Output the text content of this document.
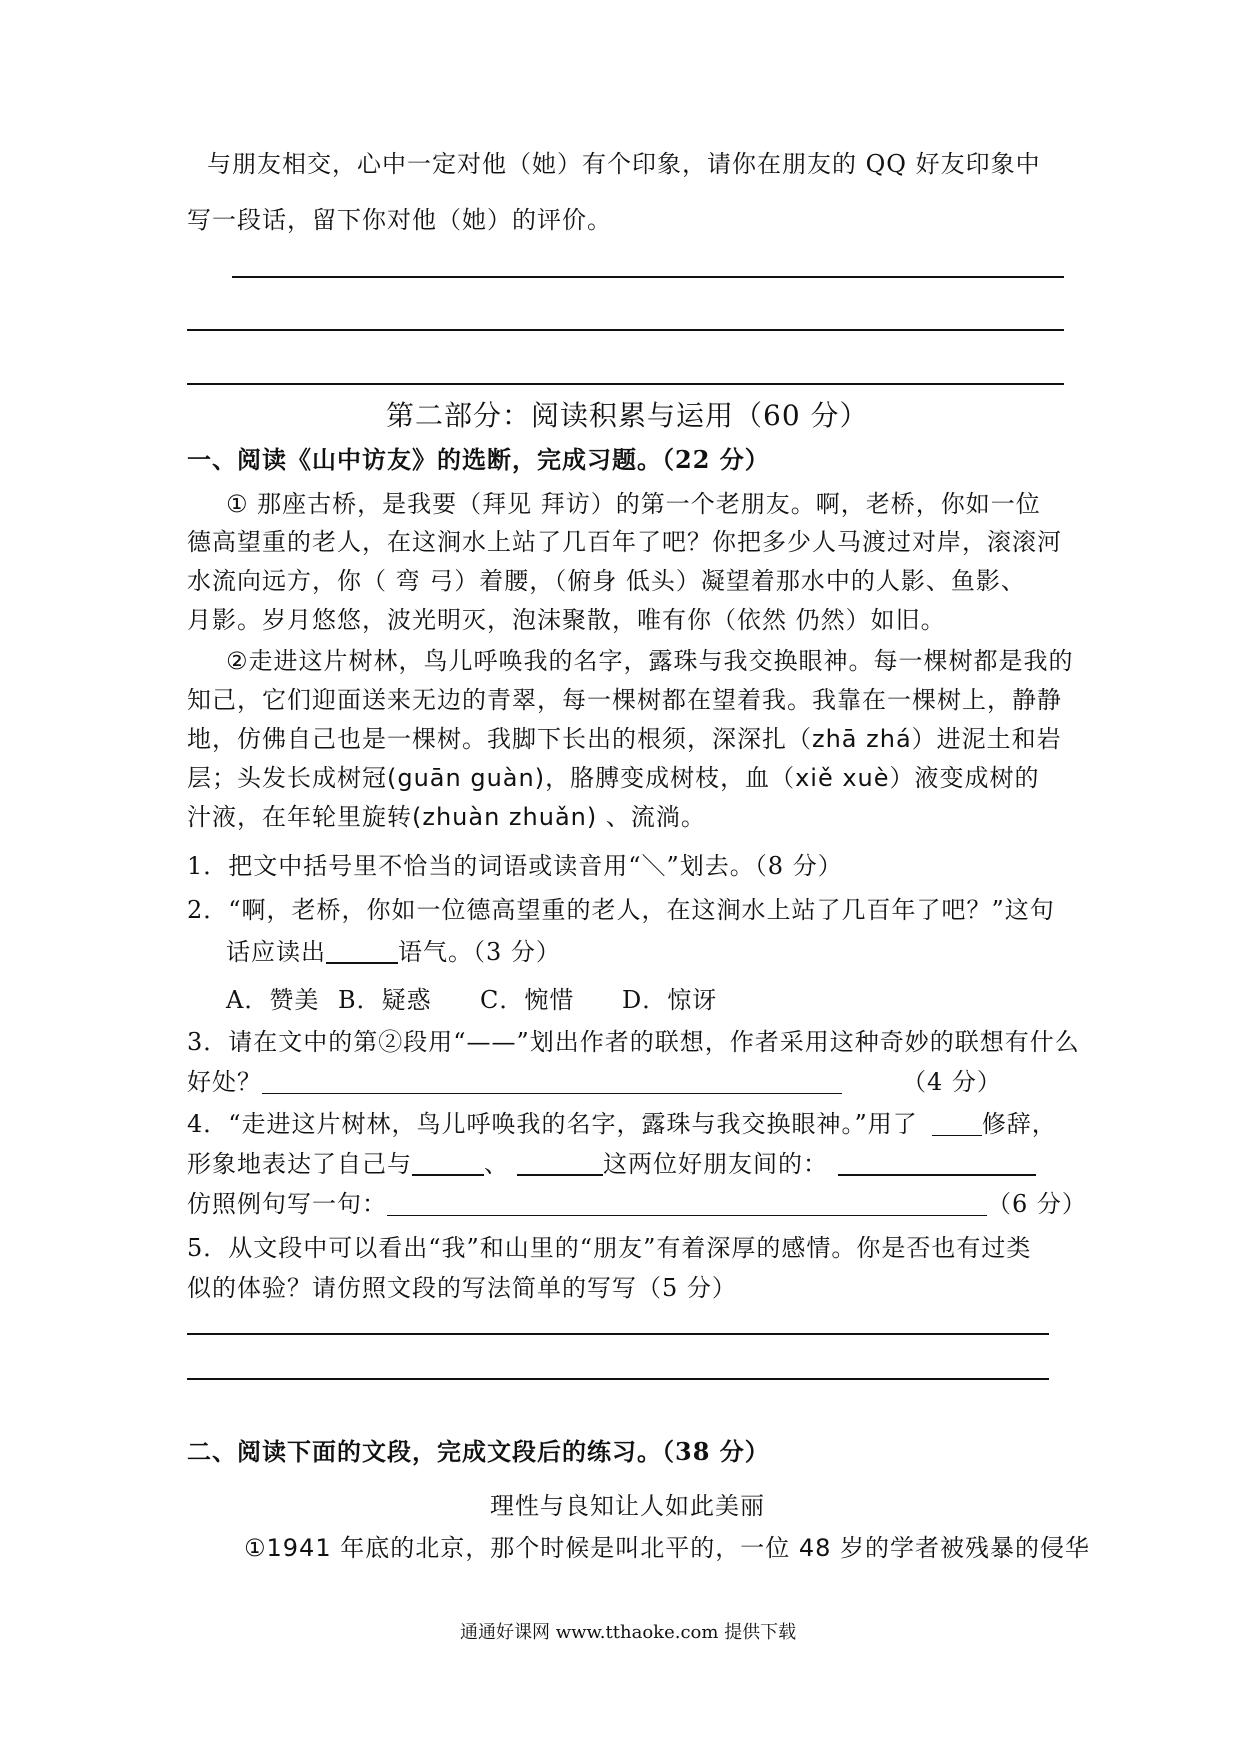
与朋友相交，心中一定对他（她）有个印象，请你在朋友的 QQ 好友印象中
写一段话，留下你对他（她）的评价。
第二部分：阅读积累与运用（60 分）
一、阅读《山中访友》的选断，完成习题。（22 分）
① 那座古桥，是我要（拜见 拜访）的第一个老朋友。啊，老桥，你如一位
德高望重的老人，在这涧水上站了几百年了吧？你把多少人马渡过对岸，滚滚河
水流向远方，你（ 弯 弓）着腰，（俯身 低头）凝望着那水中的人影、鱼影、
月影。岁月悠悠，波光明灭，泡沫聚散，唯有你（依然 仍然）如旧。
②走进这片树林，鸟儿呼唤我的名字，露珠与我交换眼神。每一棵树都是我的
知己，它们迎面送来无边的青翠，每一棵树都在望着我。我靠在一棵树上，静静
地，仿佛自己也是一棵树。我脚下长出的根须，深深扎（zhā zhá）进泥土和岩
层；头发长成树冠(guān guàn)，胳膊变成树枝，血（xiě xuè）液变成树的
汁液，在年轮里旋转(zhuàn zhuǎn) 、流淌。
1．把文中括号里不恰当的词语或读音用“＼”划去。（8 分）
2．“啊，老桥，你如一位德高望重的老人，在这涧水上站了几百年了吧？”这句
话应读出	语气。（3 分）
A．赞美 B．疑惑 C．惋惜 D．惊讶
3．请在文中的第②段用“——”划出作者的联想，作者采用这种奇妙的联想有什么
好处？	（4 分）
4．“走进这片树林，鸟儿呼唤我的名字，露珠与我交换眼神。”用了	修辞，
形象地表达了自己与	、	这两位好朋友间的：
仿照例句写一句：	（6 分）
5．从文段中可以看出“我”和山里的“朋友”有着深厚的感情。你是否也有过类
似的体验？请仿照文段的写法简单的写写（5 分）
二、阅读下面的文段，完成文段后的练习。（38 分）
理性与良知让人如此美丽
①1941 年底的北京，那个时候是叫北平的，一位 48 岁的学者被残暴的侵华
通通好课网 www.tthaoke.com 提供下载
